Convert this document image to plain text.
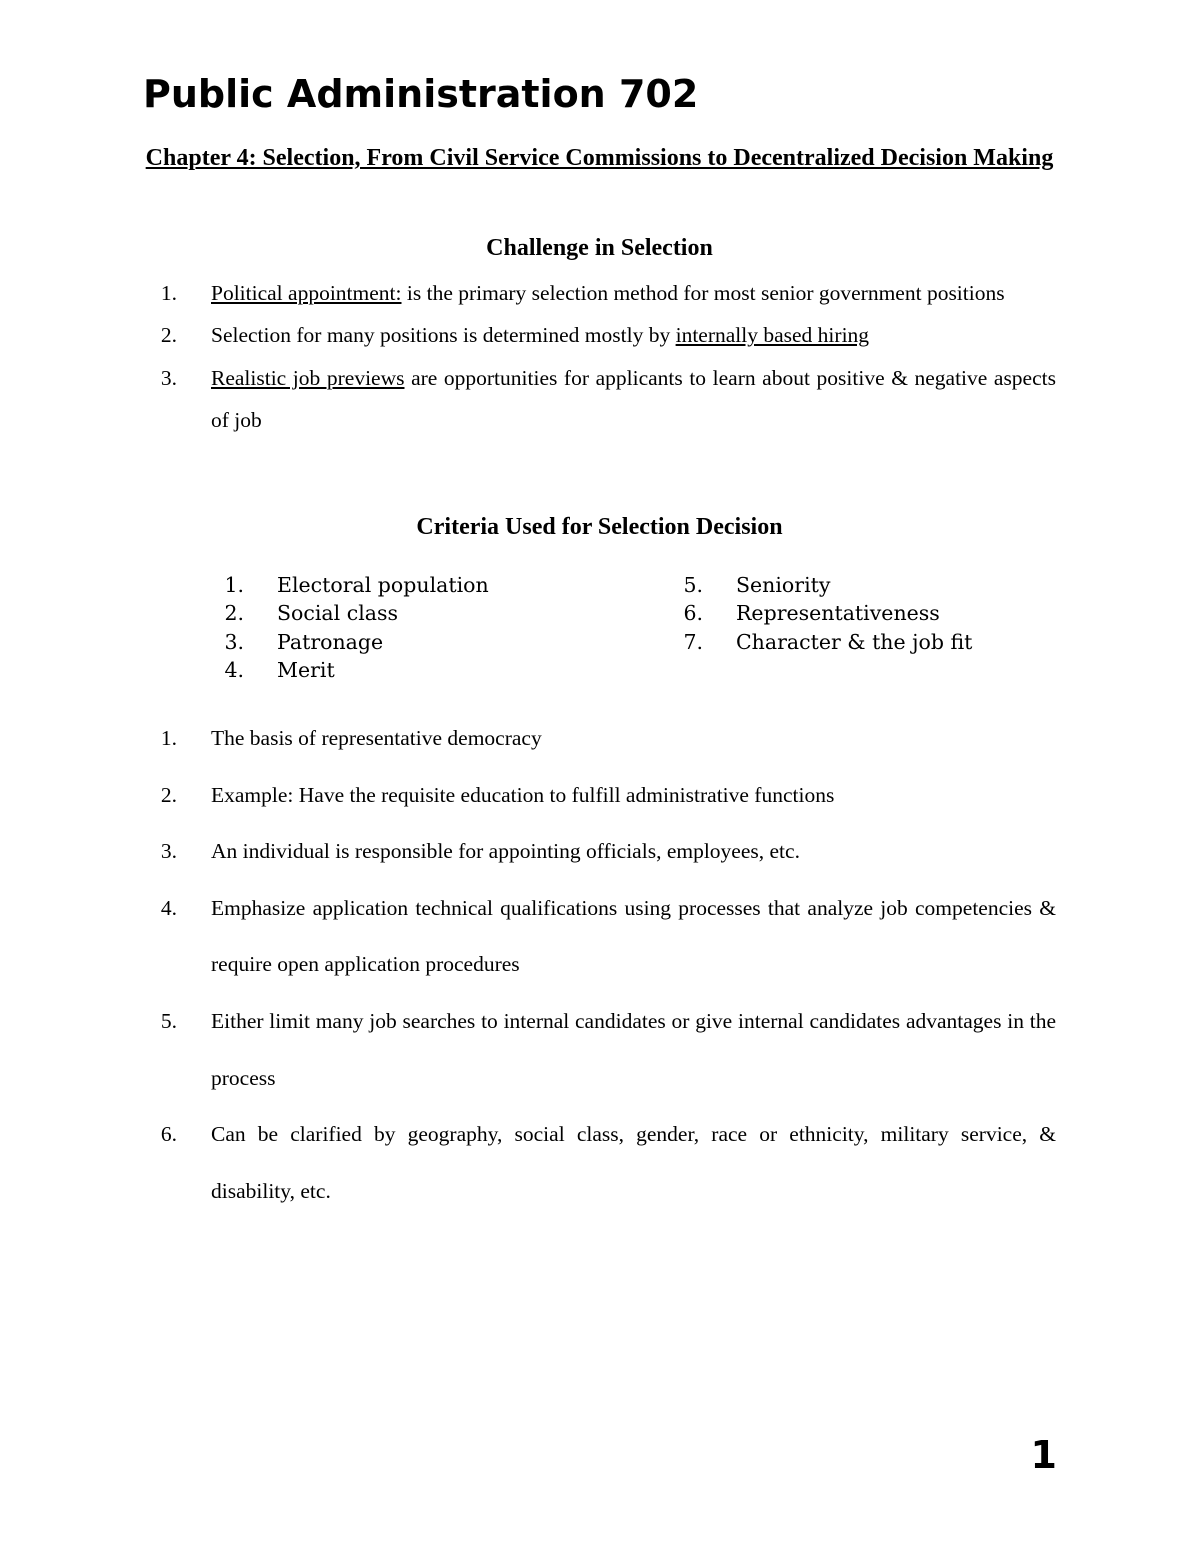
Public Administration 702
Chapter 4: Selection, From Civil Service Commissions to Decentralized Decision Making
Challenge in Selection
1. Political appointment: is the primary selection method for most senior government positions
2. Selection for many positions is determined mostly by internally based hiring
3. Realistic job previews are opportunities for applicants to learn about positive & negative aspects of job
Criteria Used for Selection Decision
1. Electoral population
2. Social class
3. Patronage
4. Merit
5. Seniority
6. Representativeness
7. Character & the job fit
1. The basis of representative democracy
2. Example: Have the requisite education to fulfill administrative functions
3. An individual is responsible for appointing officials, employees, etc.
4. Emphasize application technical qualifications using processes that analyze job competencies & require open application procedures
5. Either limit many job searches to internal candidates or give internal candidates advantages in the process
6. Can be clarified by geography, social class, gender, race or ethnicity, military service, & disability, etc.
1
